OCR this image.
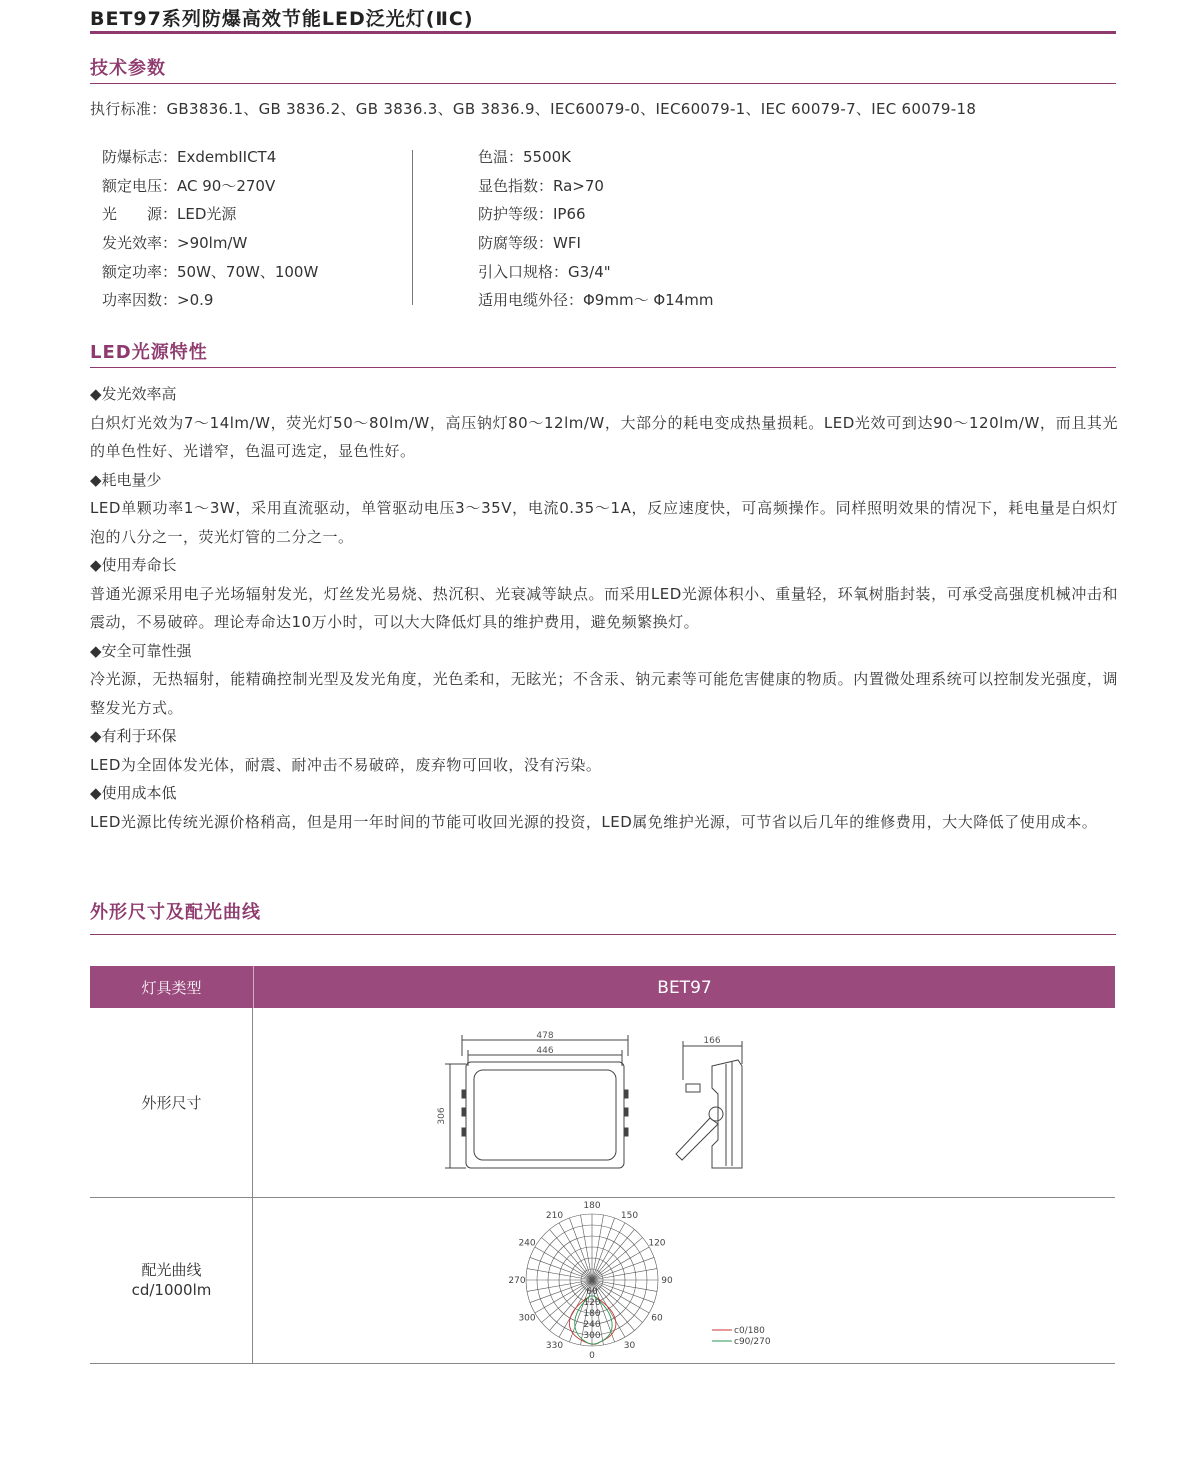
BET97系列防爆高效节能LED泛光灯(ⅡC)
技术参数
执行标准：GB3836.1、GB 3836.2、GB 3836.3、GB 3836.9、IEC60079-0、IEC60079-1、IEC 60079-7、IEC 60079-18
防爆标志：ExdembIICT4
额定电压：AC 90～270V
光　　源：LED光源
发光效率：>90lm/W
额定功率：50W、70W、100W
功率因数：>0.9
色温：5500K
显色指数：Ra>70
防护等级：IP66
防腐等级：WFI
引入口规格：G3/4"
适用电缆外径：Φ9mm～ Φ14mm
LED光源特性
◆发光效率高
白炽灯光效为7～14lm/W，荧光灯50～80lm/W，高压钠灯80～12lm/W，大部分的耗电变成热量损耗。LED光效可到达90～120lm/W，而且其光的单色性好、光谱窄，色温可选定，显色性好。
◆耗电量少
LED单颗功率1～3W，采用直流驱动，单管驱动电压3～35V，电流0.35～1A，反应速度快，可高频操作。同样照明效果的情况下，耗电量是白炽灯泡的八分之一，荧光灯管的二分之一。
◆使用寿命长
普通光源采用电子光场辐射发光，灯丝发光易烧、热沉积、光衰减等缺点。而采用LED光源体积小、重量轻，环氧树脂封装，可承受高强度机械冲击和震动，不易破碎。理论寿命达10万小时，可以大大降低灯具的维护费用，避免频繁换灯。
◆安全可靠性强
冷光源，无热辐射，能精确控制光型及发光角度，光色柔和，无眩光；不含汞、钠元素等可能危害健康的物质。内置微处理系统可以控制发光强度，调整发光方式。
◆有利于环保
LED为全固体发光体，耐震、耐冲击不易破碎，废弃物可回收，没有污染。
◆使用成本低
LED光源比传统光源价格稍高，但是用一年时间的节能可收回光源的投资，LED属免维护光源，可节省以后几年的维修费用，大大降低了使用成本。
外形尺寸及配光曲线
灯具类型	BET97
外形尺寸
配光曲线
cd/1000lm
478
446
306
166
180
150
120
90
60
30
0
330
300
270
240
210
60
120
180
240
300	c0/180
c90/270
